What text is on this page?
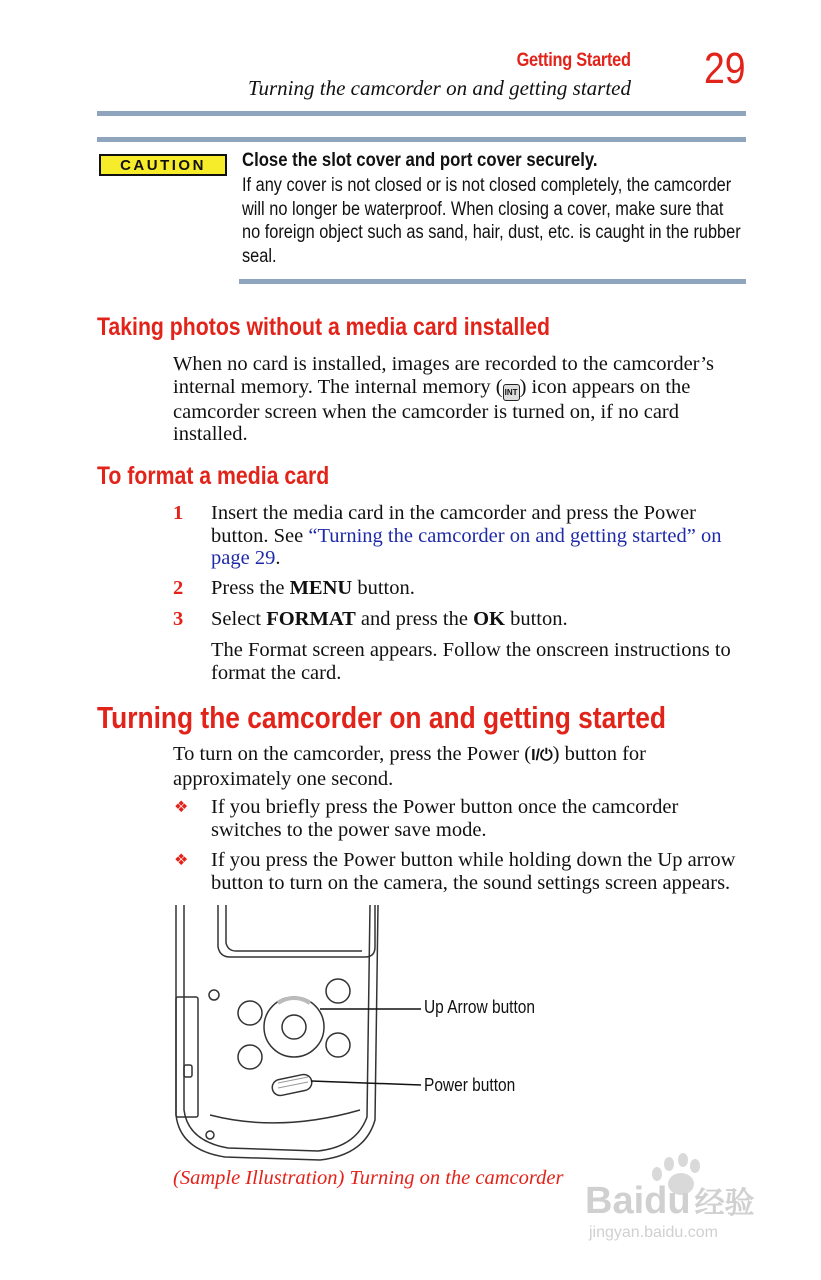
Getting Started
Turning the camcorder on and getting started 29
CAUTION	Close the slot cover and port cover securely.
If any cover is not closed or is not closed completely, the camcorder
will no longer be waterproof. When closing a cover, make sure that
no foreign object such as sand, hair, dust, etc. is caught in the rubber
seal.
Taking photos without a media card installed
When no card is installed, images are recorded to the camcorder’s
internal memory. The internal memory ( INT ) icon appears on the
camcorder screen when the camcorder is turned on, if no card
installed.
To format a media card
1 Insert the media card in the camcorder and press the Power
button. See “Turning the camcorder on and getting started” on
page 29.
2 Press the MENU button.
3 Select FORMAT and press the OK button.
The Format screen appears. Follow the onscreen instructions to
format the card.
Turning the camcorder on and getting started
To turn on the camcorder, press the Power (I/⏻) button for
approximately one second.
❖ If you briefly press the Power button once the camcorder
switches to the power save mode.
❖ If you press the Power button while holding down the Up arrow
button to turn on the camera, the sound settings screen appears.
Up Arrow button
Power button
(Sample Illustration) Turning on the camcorder
Baidu 经验
jingyan.baidu.com
